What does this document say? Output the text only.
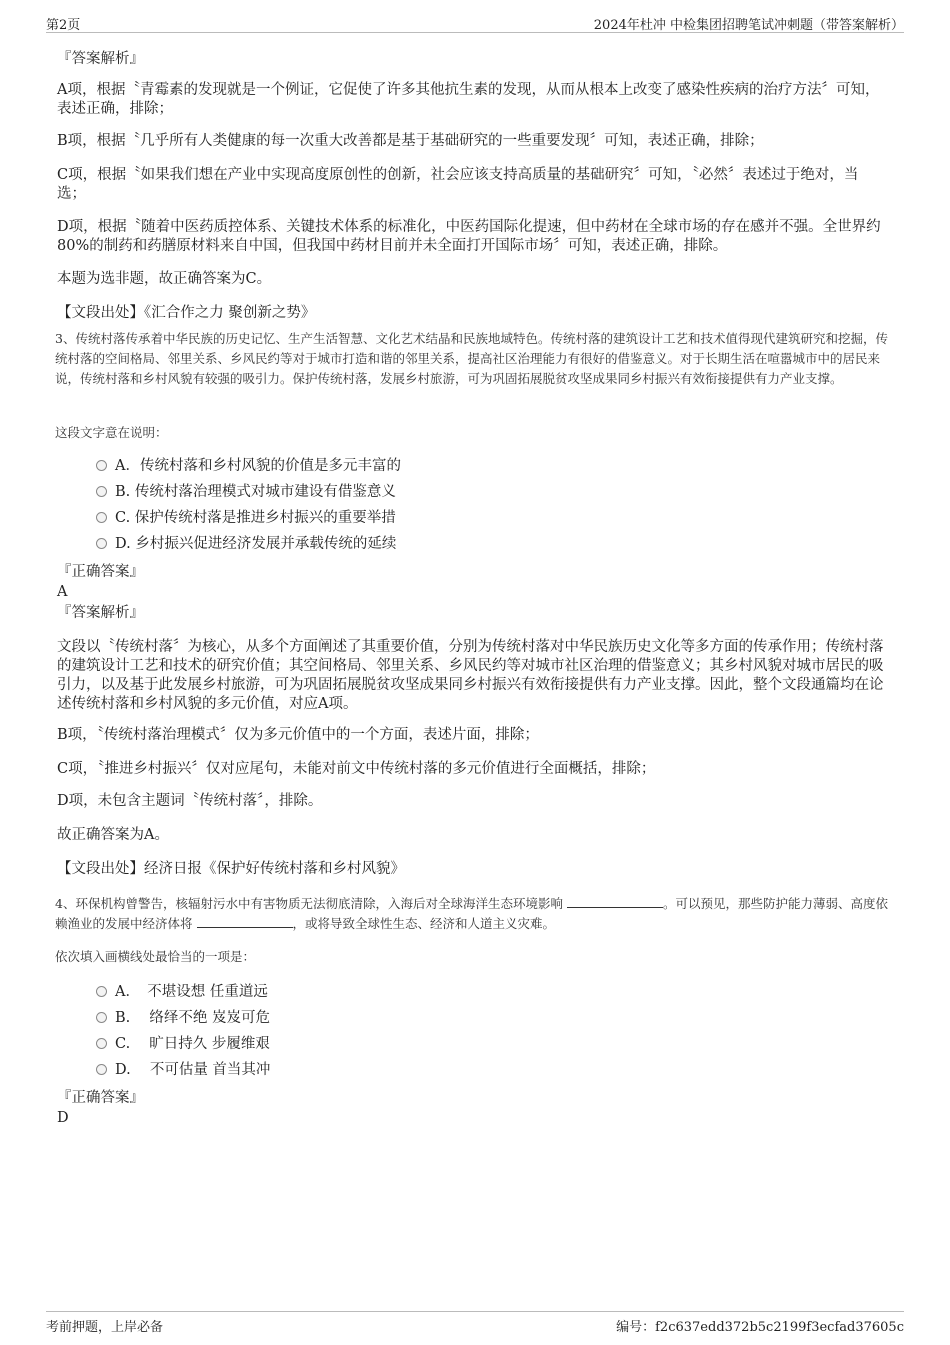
第2页	2024年杜冲 中检集团招聘笔试冲刺题（带答案解析）

『答案解析』

A项，根据〝青霉素的发现就是一个例证，它促使了许多其他抗生素的发现，从而从根本上改变了感染性疾病的治疗方法〞可知，表述正确，排除；

B项，根据〝几乎所有人类健康的每一次重大改善都是基于基础研究的一些重要发现〞可知，表述正确，排除；

C项，根据〝如果我们想在产业中实现高度原创性的创新，社会应该支持高质量的基础研究〞可知，〝必然〞表述过于绝对，当选；

D项，根据〝随着中医药质控体系、关键技术体系的标准化，中医药国际化提速，但中药材在全球市场的存在感并不强。全世界约80%的制药和药膳原材料来自中国，但我国中药材目前并未全面打开国际市场〞可知，表述正确，排除。

本题为选非题，故正确答案为C。

【文段出处】《汇合作之力 聚创新之势》

3、传统村落传承着中华民族的历史记忆、生产生活智慧、文化艺术结晶和民族地域特色。传统村落的建筑设计工艺和技术值得现代建筑研究和挖掘，传统村落的空间格局、邻里关系、乡风民约等对于城市打造和谐的邻里关系，提高社区治理能力有很好的借鉴意义。对于长期生活在喧嚣城市中的居民来说，传统村落和乡村风貌有较强的吸引力。保护传统村落，发展乡村旅游，可为巩固拓展脱贫攻坚成果同乡村振兴有效衔接提供有力产业支撑。

这段文字意在说明：

A．传统村落和乡村风貌的价值是多元丰富的
B. 传统村落治理模式对城市建设有借鉴意义
C. 保护传统村落是推进乡村振兴的重要举措
D. 乡村振兴促进经济发展并承载传统的延续

『正确答案』

A

『答案解析』

文段以〝传统村落〞为核心，从多个方面阐述了其重要价值，分别为传统村落对中华民族历史文化等多方面的传承作用；传统村落的建筑设计工艺和技术的研究价值；其空间格局、邻里关系、乡风民约等对城市社区治理的借鉴意义；其乡村风貌对城市居民的吸引力，以及基于此发展乡村旅游，可为巩固拓展脱贫攻坚成果同乡村振兴有效衔接提供有力产业支撑。因此，整个文段通篇均在论述传统村落和乡村风貌的多元价值，对应A项。

B项，〝传统村落治理模式〞仅为多元价值中的一个方面，表述片面，排除；

C项，〝推进乡村振兴〞仅对应尾句，未能对前文中传统村落的多元价值进行全面概括，排除；

D项，未包含主题词〝传统村落〞，排除。

故正确答案为A。

【文段出处】经济日报《保护好传统村落和乡村风貌》

4、环保机构曾警告，核辐射污水中有害物质无法彻底清除，入海后对全球海洋生态环境影响	。可以预见，那些防护能力薄弱、高度依赖渔业的发展中经济体将	，或将导致全球性生态、经济和人道主义灾难。

依次填入画横线处最恰当的一项是：

A．　不堪设想 任重道远
B.　 络绎不绝 岌岌可危
C.　 旷日持久 步履维艰
D.　 不可估量 首当其冲

『正确答案』

D

考前押题，上岸必备	编号：f2c637edd372b5c2199f3ecfad37605c
